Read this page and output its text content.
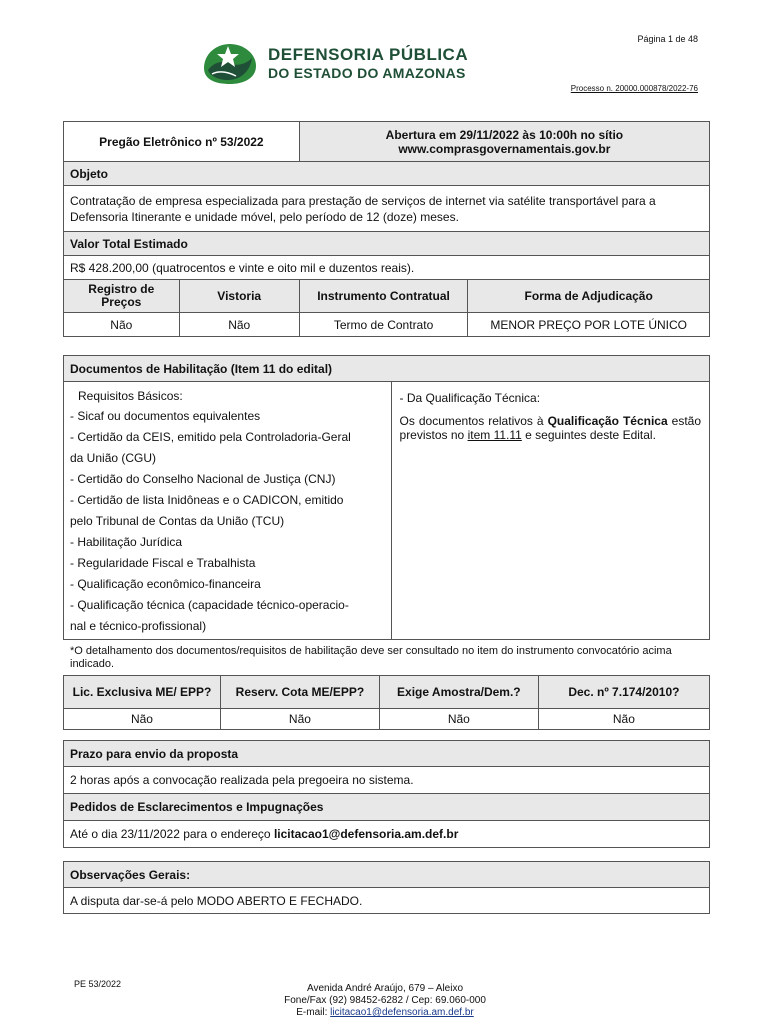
Página 1 de 48
DEFENSORIA PÚBLICA
DO ESTADO DO AMAZONAS
Processo n. 20000.000878/2022-76
Pregão Eletrônico nº 53/2022		Abertura em 29/11/2022 às 10:00h no sítio
www.comprasgovernamentais.gov.br	

Objeto			
Contratação de empresa especializada para prestação de serviços de internet via satélite transportável para a Defensoria Itinerante e unidade móvel, pelo período de 12 (doze) meses.			
Valor Total Estimado			
R$ 428.200,00 (quatrocentos e vinte e oito mil e duzentos reais).			
Registro de Preços	Vistoria	Instrumento Contratual	Forma de Adjudicação
Não	Não	Termo de Contrato	MENOR PREÇO POR LOTE ÚNICO
Documentos de Habilitação (Item 11 do edital)

Requisitos Básicos:
- Sicaf ou documentos equivalentes
- Certidão da CEIS, emitido pela Controladoria-Geral
da União (CGU)
- Certidão do Conselho Nacional de Justiça (CNJ)
- Certidão de lista Inidôneas e o CADICON, emitido
pelo Tribunal de Contas da União (TCU)
- Habilitação Jurídica
- Regularidade Fiscal e Trabalhista
- Qualificação econômico-financeira
- Qualificação técnica (capacidade técnico-operacio-
nal e técnico-profissional)

- Da Qualificação Técnica:
Os documentos relativos à Qualificação Técnica estão previstos no item 11.11 e seguintes deste Edital.
*O detalhamento dos documentos/requisitos de habilitação deve ser consultado no item do instrumento convocatório acima indicado.
Lic. Exclusiva ME/ EPP?	Reserv. Cota ME/EPP?	Exige Amostra/Dem.?	Dec. nº 7.174/2010?
Não	Não	Não	Não
Prazo para envio da proposta
2 horas após a convocação realizada pela pregoeira no sistema.
Pedidos de Esclarecimentos e Impugnações
Até o dia 23/11/2022 para o endereço licitacao1@defensoria.am.def.br
Observações Gerais:
A disputa dar-se-á pelo MODO ABERTO E FECHADO.
PE 53/2022	Avenida André Araújo, 679 – Aleixo
Fone/Fax (92) 98452-6282 / Cep: 69.060-000
E-mail: licitacao1@defensoria.am.def.br
